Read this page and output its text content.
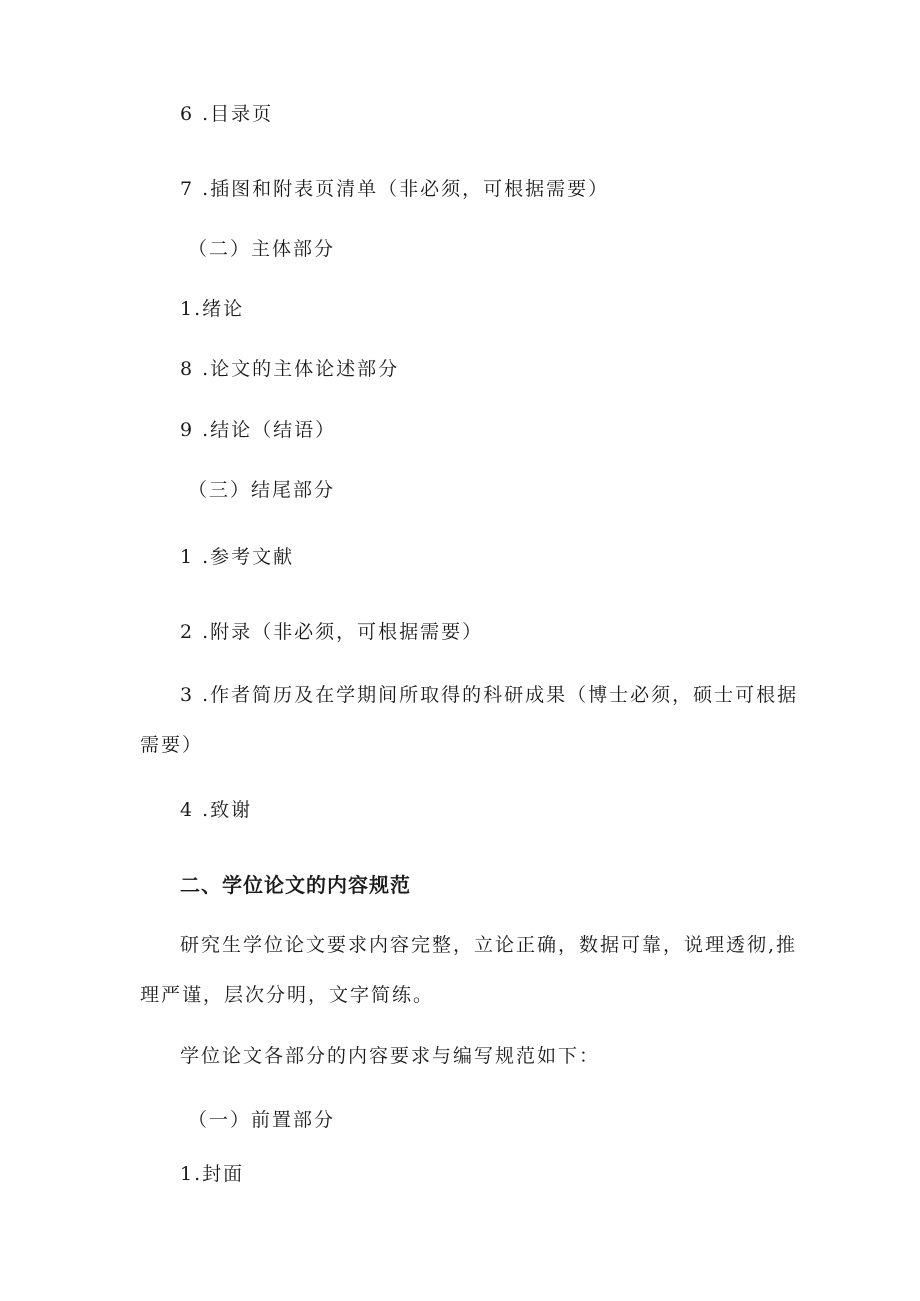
6 .目录页

7 .插图和附表页清单（非必须，可根据需要）

（二）主体部分

1.绪论

8 .论文的主体论述部分

9 .结论（结语）

（三）结尾部分

1 .参考文献

2 .附录（非必须，可根据需要）

3 .作者简历及在学期间所取得的科研成果（博士必须，硕士可根据

需要）

4 .致谢

二、学位论文的内容规范

研究生学位论文要求内容完整，立论正确，数据可靠，说理透彻,推

理严谨，层次分明，文字简练。

学位论文各部分的内容要求与编写规范如下：

（一）前置部分

1.封面
